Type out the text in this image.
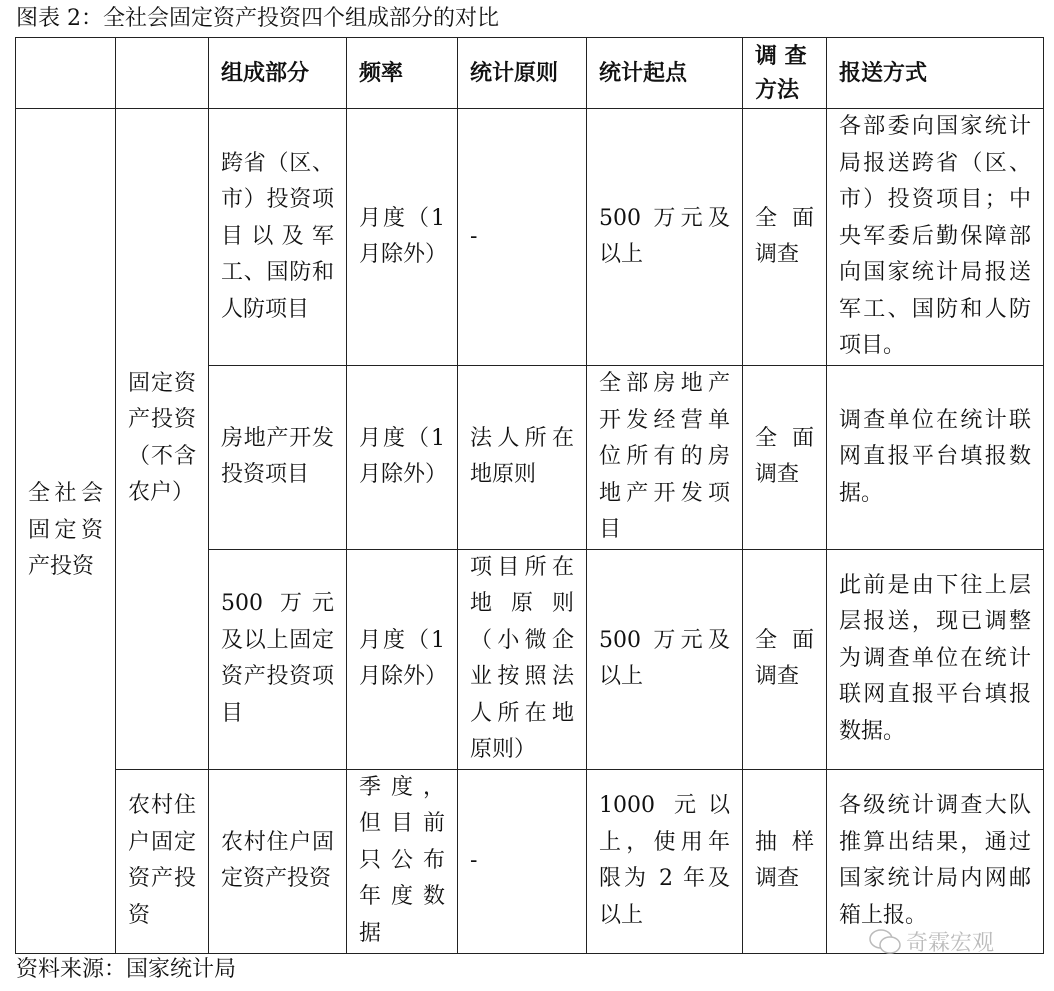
图表 2：全社会固定资产投资四个组成部分的对比
		组成部分	频率	统计原则	统计起点	调 查 方法	报送方式
全社会固定资产投资	固定资产投资（不含农户）	跨省（区、市）投资项目以及军工、国防和人防项目	月度（1月除外）	-	500 万元及以上	全 面调查	各部委向国家统计局报送跨省（区、市）投资项目；中央军委后勤保障部向国家统计局报送军工、国防和人防项目。
		房地产开发投资项目	月度（1月除外）	法人所在地原则	全部房地产开发经营单位所有的房地产开发项目	全 面调查	调查单位在统计联网直报平台填报数据。
		500 万元及以上固定资产投资项目	月度（1月除外）	项目所在地原则（小微企业按照法人所在地原则）	500 万元及以上	全 面调查	此前是由下往上层层报送，现已调整为调查单位在统计联网直报平台填报数据。
	农村住户固定资产投资	农村住户固定资产投资	季度，但目前只公布年度数据	-	1000 元以上，使用年限为 2 年及以上	抽 样调查	各级统计调查大队推算出结果，通过国家统计局内网邮箱上报。
奇霖宏观
资料来源：国家统计局
